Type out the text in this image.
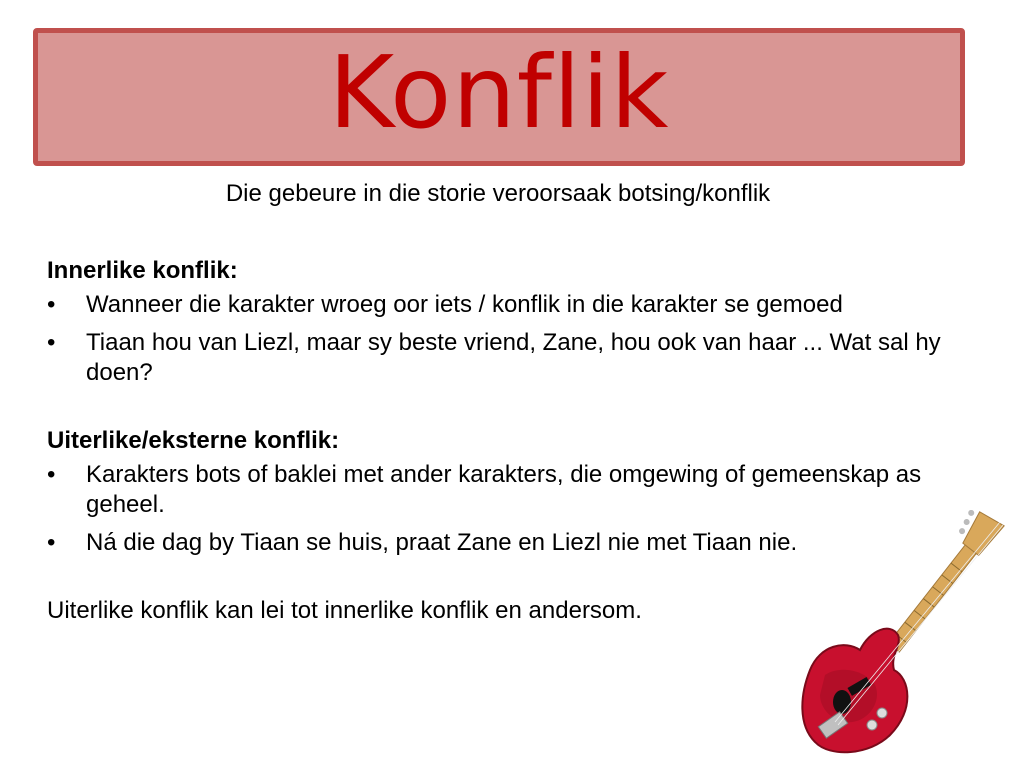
Konflik
Die gebeure in die storie veroorsaak botsing/konflik

Innerlike konflik:

• Wanneer die karakter wroeg oor iets / konflik in die karakter se gemoed
• Tiaan hou van Liezl, maar sy beste vriend, Zane, hou ook van haar ... Wat sal hy doen?

Uiterlike/eksterne konflik:

• Karakters bots of baklei met ander karakters, die omgewing of gemeenskap as geheel.
• Ná die dag by Tiaan se huis, praat Zane en Liezl nie met Tiaan nie.

Uiterlike konflik kan lei tot innerlike konflik en andersom.
